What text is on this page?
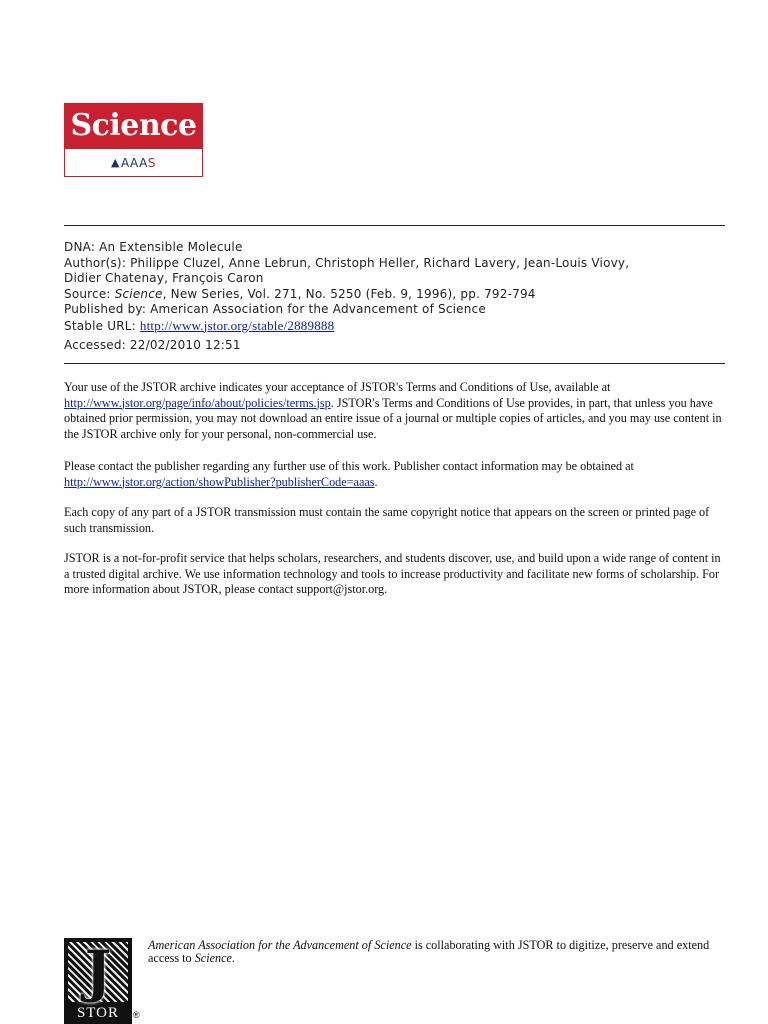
Science
▲ AAA S
DNA: An Extensible Molecule
Author(s): Philippe Cluzel, Anne Lebrun, Christoph Heller, Richard Lavery, Jean-Louis Viovy,
Didier Chatenay, François Caron
Source: Science, New Series, Vol. 271, No. 5250 (Feb. 9, 1996), pp. 792-794
Published by: American Association for the Advancement of Science
Stable URL: http://www.jstor.org/stable/2889888
Accessed: 22/02/2010 12:51
Your use of the JSTOR archive indicates your acceptance of JSTOR's Terms and Conditions of Use, available at
http://www.jstor.org/page/info/about/policies/terms.jsp. JSTOR's Terms and Conditions of Use provides, in part, that unless you have obtained prior permission, you may not download an entire issue of a journal or multiple copies of articles, and you may use content in the JSTOR archive only for your personal, non-commercial use.
Please contact the publisher regarding any further use of this work. Publisher contact information may be obtained at
http://www.jstor.org/action/showPublisher?publisherCode=aaas.
Each copy of any part of a JSTOR transmission must contain the same copyright notice that appears on the screen or printed page of such transmission.
JSTOR is a not-for-profit service that helps scholars, researchers, and students discover, use, and build upon a wide range of content in a trusted digital archive. We use information technology and tools to increase productivity and facilitate new forms of scholarship. For more information about JSTOR, please contact support@jstor.org.
J
STOR	®
American Association for the Advancement of Science is collaborating with JSTOR to digitize, preserve and extend access to Science.
